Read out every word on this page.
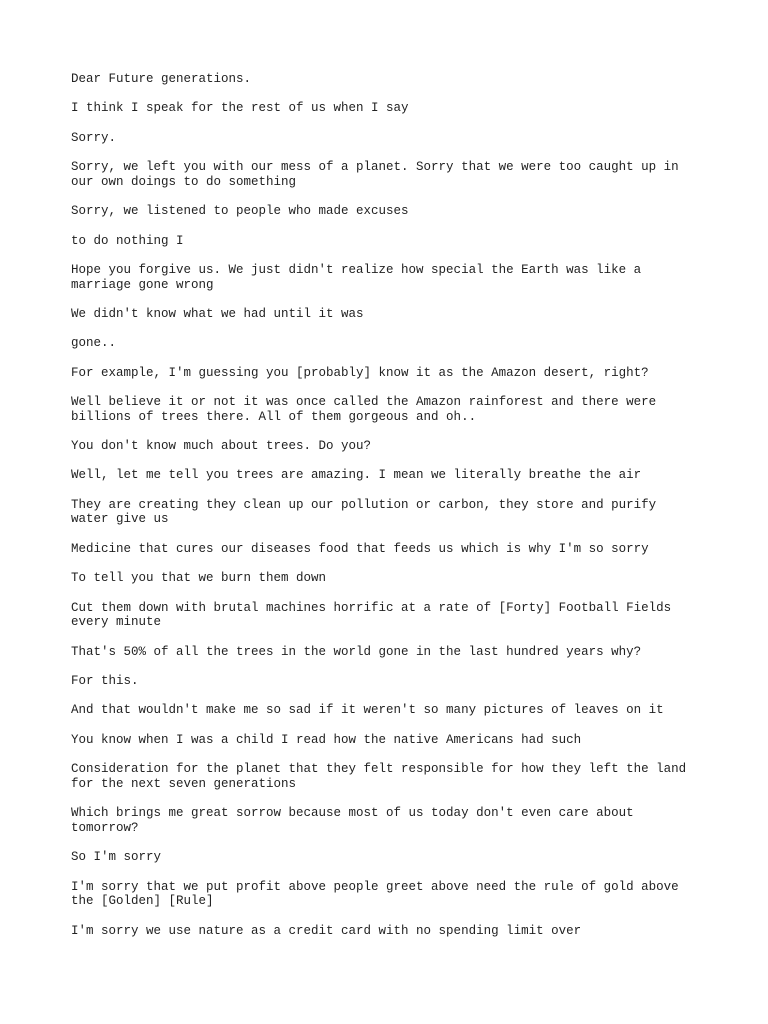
Dear Future generations.

I think I speak for the rest of us when I say

Sorry.

Sorry, we left you with our mess of a planet. Sorry that we were too caught up in
our own doings to do something

Sorry, we listened to people who made excuses

to do nothing I

Hope you forgive us. We just didn't realize how special the Earth was like a
marriage gone wrong

We didn't know what we had until it was

gone..

For example, I'm guessing you [probably] know it as the Amazon desert, right?

Well believe it or not it was once called the Amazon rainforest and there were
billions of trees there. All of them gorgeous and oh..

You don't know much about trees. Do you?

Well, let me tell you trees are amazing. I mean we literally breathe the air

They are creating they clean up our pollution or carbon, they store and purify
water give us

Medicine that cures our diseases food that feeds us which is why I'm so sorry

To tell you that we burn them down

Cut them down with brutal machines horrific at a rate of [Forty] Football Fields
every minute

That's 50% of all the trees in the world gone in the last hundred years why?

For this.

And that wouldn't make me so sad if it weren't so many pictures of leaves on it

You know when I was a child I read how the native Americans had such

Consideration for the planet that they felt responsible for how they left the land
for the next seven generations

Which brings me great sorrow because most of us today don't even care about
tomorrow?

So I'm sorry

I'm sorry that we put profit above people greet above need the rule of gold above
the [Golden] [Rule]

I'm sorry we use nature as a credit card with no spending limit over
